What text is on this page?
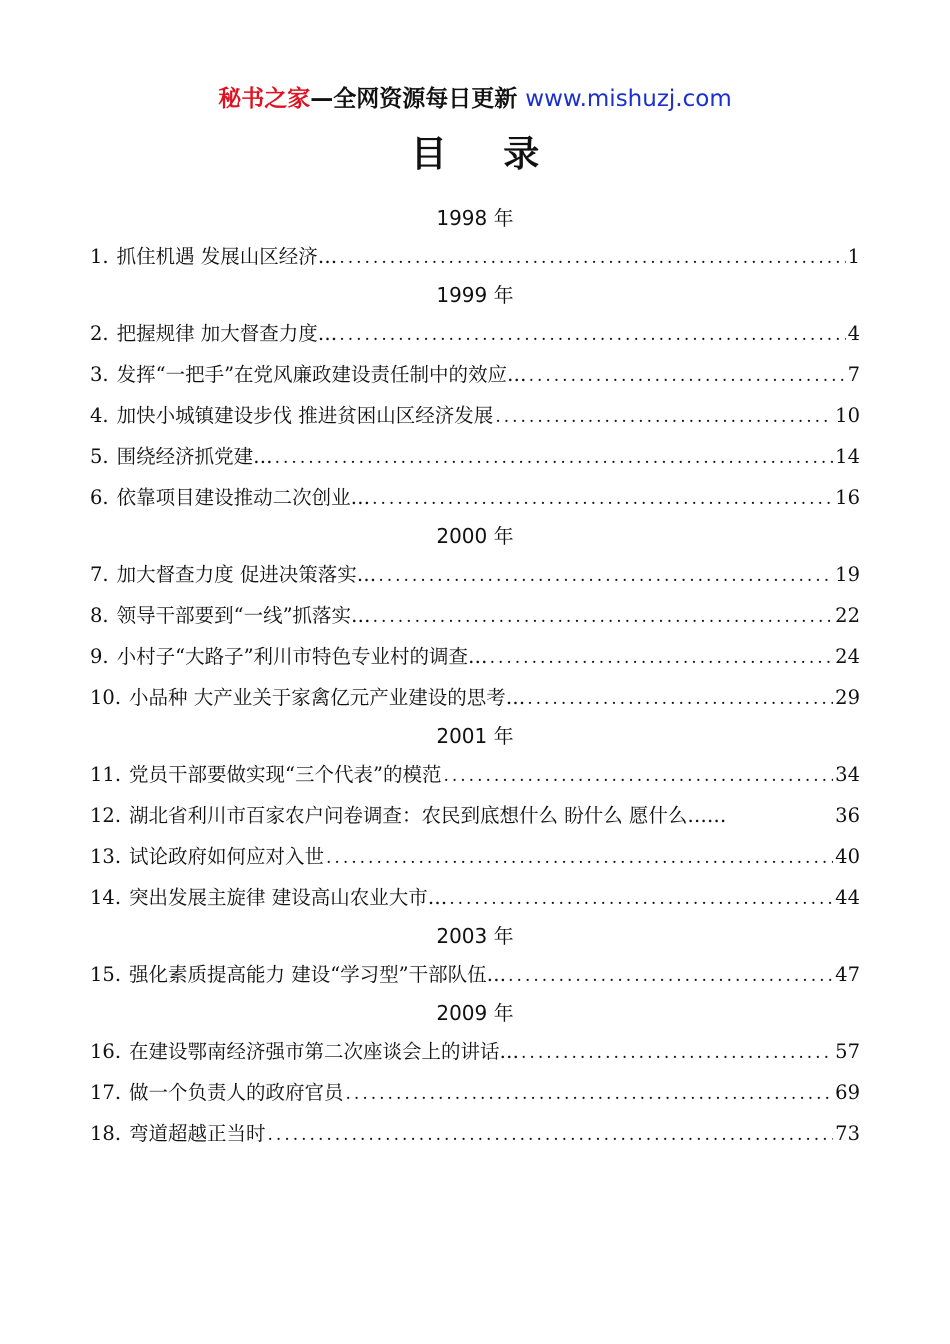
秘书之家—全网资源每日更新 www.mishuzj.com
目 录
1998 年
1. 抓住机遇 发展山区经济… .....	1
1999 年
2. 把握规律 加大督查力度… .....	4
3. 发挥“一把手”在党风廉政建设责任制中的效应… .....	7
4. 加快小城镇建设步伐 推进贫困山区经济发展 .....	10
5. 围绕经济抓党建… .....	14
6. 依靠项目建设推动二次创业… .....	16
2000 年
7. 加大督查力度 促进决策落实… .....	19
8. 领导干部要到“一线”抓落实… .....	22
9. 小村子“大路子”利川市特色专业村的调查… .....	24
10. 小品种 大产业关于家禽亿元产业建设的思考… .....	29
2001 年
11. 党员干部要做实现“三个代表”的模范 .....	34
12. 湖北省利川市百家农户问卷调查：农民到底想什么 盼什么 愿什么……	36
13. 试论政府如何应对入世 .....	40
14. 突出发展主旋律 建设高山农业大市… .....	44
2003 年
15. 强化素质提高能力 建设“学习型”干部队伍… .....	47
2009 年
16. 在建设鄂南经济强市第二次座谈会上的讲话… .....	57
17. 做一个负责人的政府官员 .....	69
18. 弯道超越正当时 .....	73
